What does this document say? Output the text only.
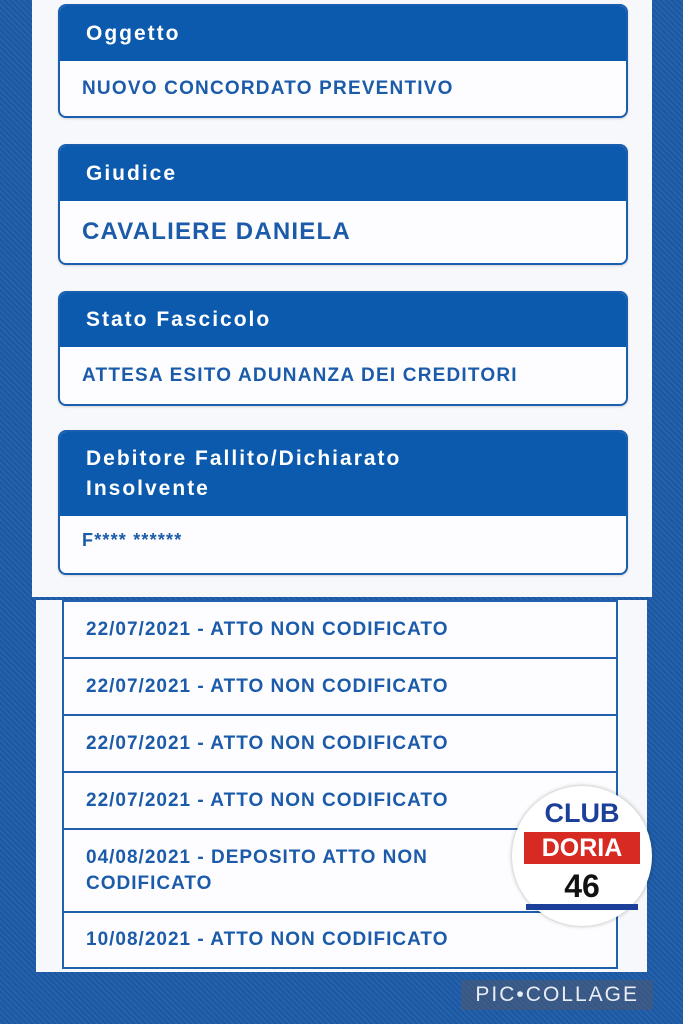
Oggetto
NUOVO CONCORDATO PREVENTIVO
Giudice
CAVALIERE DANIELA
Stato Fascicolo
ATTESA ESITO ADUNANZA DEI CREDITORI
Debitore Fallito/Dichiarato Insolvente
F**** ******
22/07/2021 - ATTO NON CODIFICATO
22/07/2021 - ATTO NON CODIFICATO
22/07/2021 - ATTO NON CODIFICATO
22/07/2021 - ATTO NON CODIFICATO
04/08/2021 - DEPOSITO ATTO NON CODIFICATO
10/08/2021 - ATTO NON CODIFICATO
CLUB
DORIA
46
PIC•COLLAGE
